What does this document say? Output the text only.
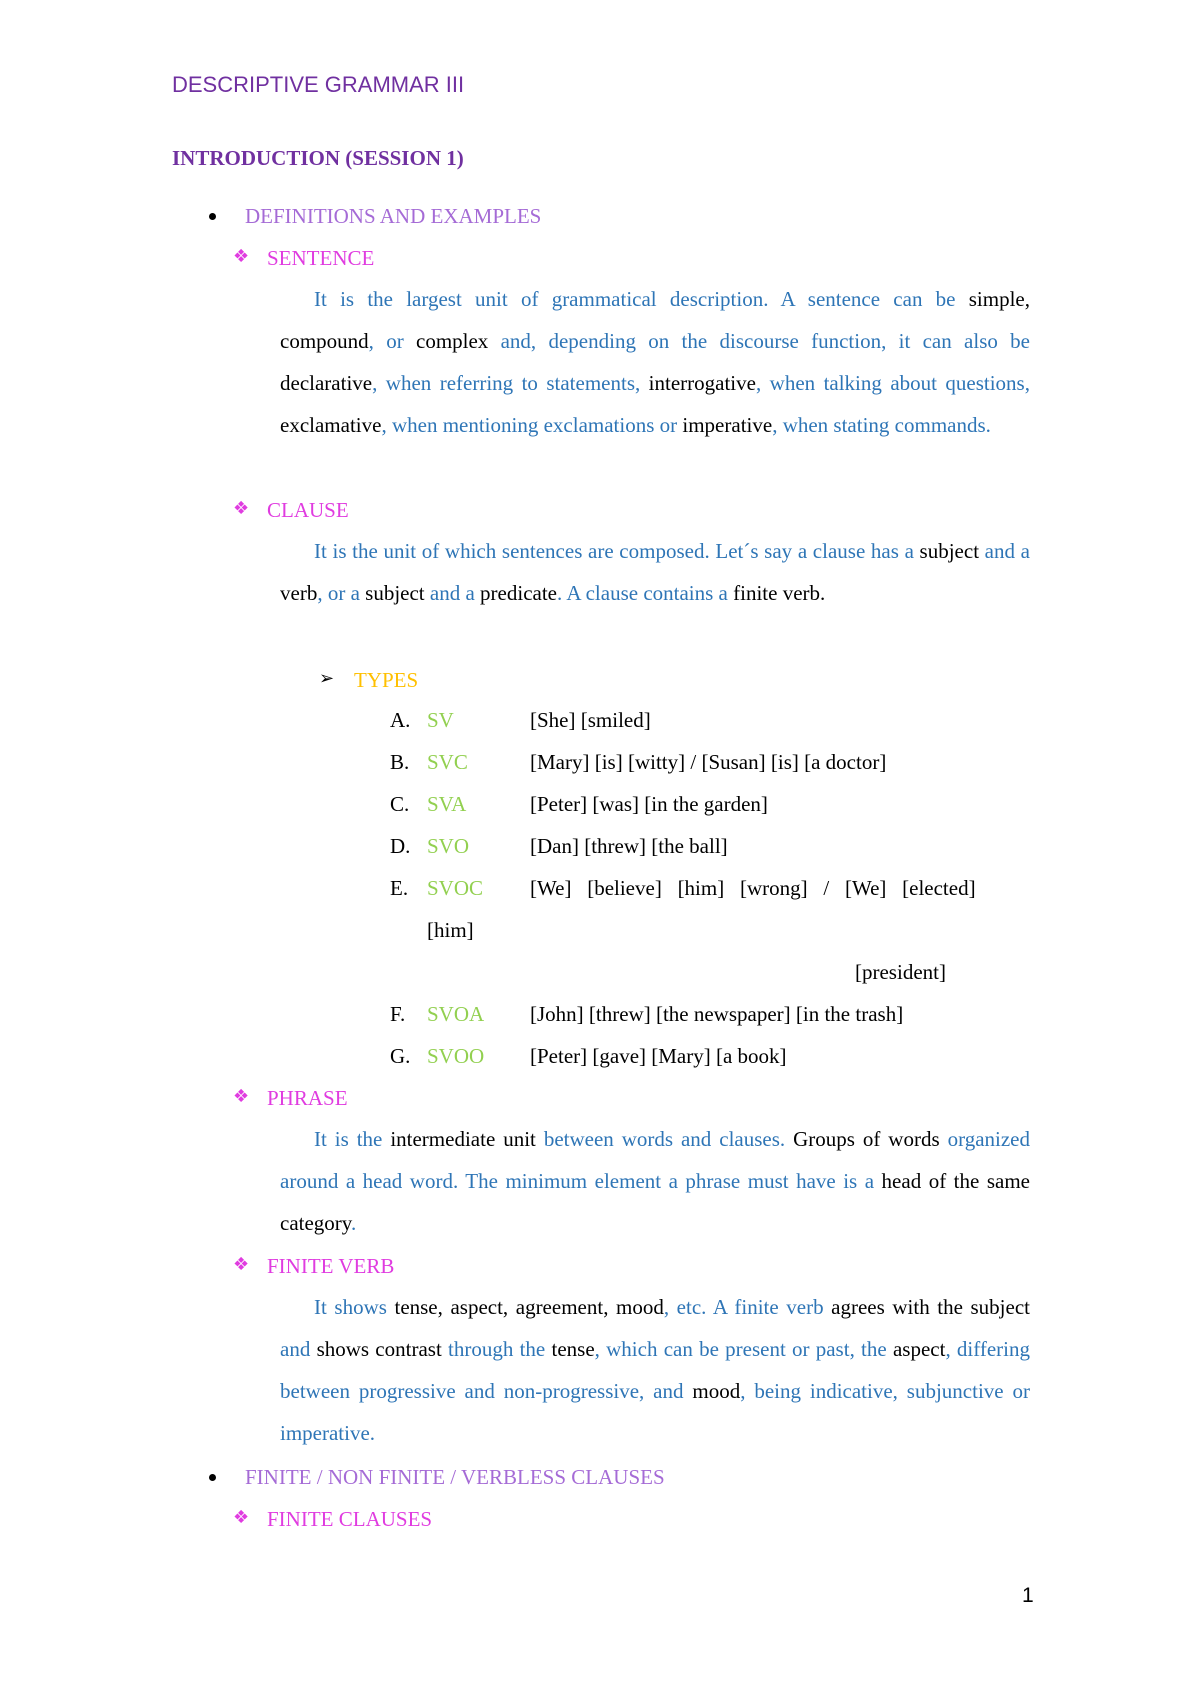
DESCRIPTIVE GRAMMAR III
INTRODUCTION (SESSION 1)
DEFINITIONS AND EXAMPLES
❖ SENTENCE
It is the largest unit of grammatical description. A sentence can be simple, compound, or complex and, depending on the discourse function, it can also be declarative, when referring to statements, interrogative, when talking about questions, exclamative, when mentioning exclamations or imperative, when stating commands.
❖ CLAUSE
It is the unit of which sentences are composed. Let´s say a clause has a subject and a verb, or a subject and a predicate. A clause contains a finite verb.
➢ TYPES
A. SV	[She] [smiled]
B. SVC	[Mary] [is] [witty] / [Susan] [is] [a doctor]
C. SVA	[Peter] [was] [in the garden]
D. SVO	[Dan] [threw] [the ball]
E. SVOC [We]   [believe]   [him]   [wrong]   /   [We]   [elected]
[him]
[president]
F. SVOA [John] [threw] [the newspaper] [in the trash]
G. SVOO [Peter] [gave] [Mary] [a book]
❖ PHRASE
It is the intermediate unit between words and clauses. Groups of words organized around a head word. The minimum element a phrase must have is a head of the same category.
❖ FINITE VERB
It shows tense, aspect, agreement, mood, etc. A finite verb agrees with the subject and shows contrast through the tense, which can be present or past, the aspect, differing between progressive and non-progressive, and mood, being indicative, subjunctive or imperative.
FINITE / NON FINITE / VERBLESS CLAUSES
❖ FINITE CLAUSES
1
